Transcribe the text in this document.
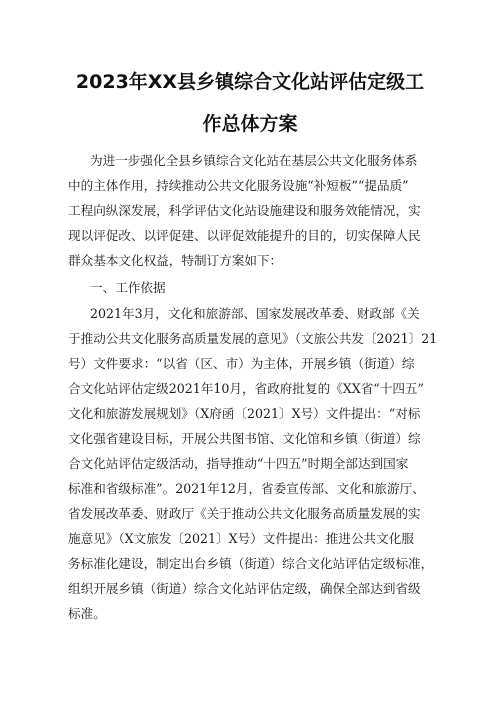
2023年XX县乡镇综合文化站评估定级工
作总体方案
为进一步强化全县乡镇综合文化站在基层公共文化服务体系
中的主体作用，持续推动公共文化服务设施“补短板”“提品质”
工程向纵深发展，科学评估文化站设施建设和服务效能情况，实
现以评促改、以评促建、以评促效能提升的目的，切实保障人民
群众基本文化权益，特制订方案如下：
一、工作依据
2021年3月，文化和旅游部、国家发展改革委、财政部《关
于推动公共文化服务高质量发展的意见》（文旅公共发〔2021〕21
号）文件要求：“以省（区、市）为主体，开展乡镇（街道）综
合文化站评估定级2021年10月，省政府批复的《XX省“十四五”
文化和旅游发展规划》（X府函〔2021〕X号）文件提出：“对标
文化强省建设目标，开展公共图书馆、文化馆和乡镇（街道）综
合文化站评估定级活动，指导推动“十四五”时期全部达到国家
标准和省级标准”。2021年12月，省委宣传部、文化和旅游厅、
省发展改革委、财政厅《关于推动公共文化服务高质量发展的实
施意见》（X文旅发〔2021〕X号）文件提出：推进公共文化服
务标准化建设，制定出台乡镇（街道）综合文化站评估定级标准，
组织开展乡镇（街道）综合文化站评估定级，确保全部达到省级
标准。
